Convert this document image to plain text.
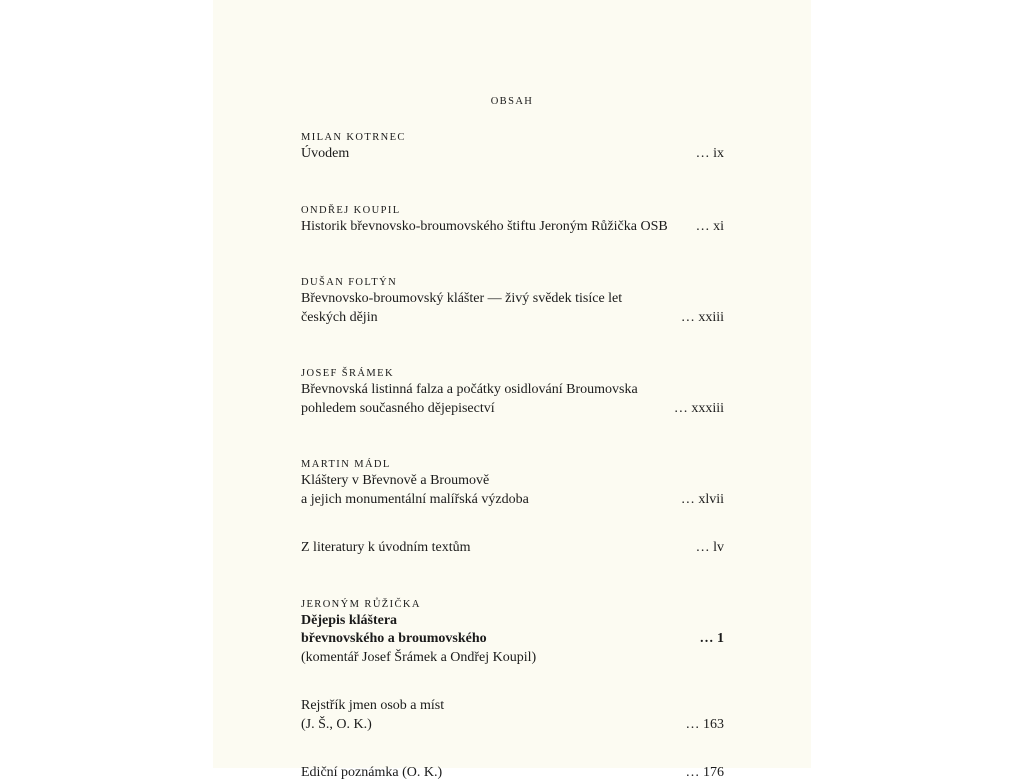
OBSAH
MILAN KOTRNEC
Úvodem	… ix
ONDŘEJ KOUPIL
Historik břevnovsko-broumovského štiftu Jeroným Růžička OSB … xi
DUŠAN FOLTÝN
Břevnovsko-broumovský klášter — živý svědek tisíce let
českých dějin	… xxiii
JOSEF ŠRÁMEK
Břevnovská listinná falza a počátky osidlování Broumovska
pohledem současného dějepisectví	… xxxiii
MARTIN MÁDL
Kláštery v Břevnově a Broumově
a jejich monumentální malířská výzdoba	… xlvii
Z literatury k úvodním textům	… lv
JERONÝM RŮŽIČKA
Dějepis kláštera
břevnovského a broumovského	… 1
(komentář Josef Šrámek a Ondřej Koupil)
Rejstřík jmen osob a míst
(J. Š., O. K.)	… 163
Ediční poznámka (O. K.)	… 176
